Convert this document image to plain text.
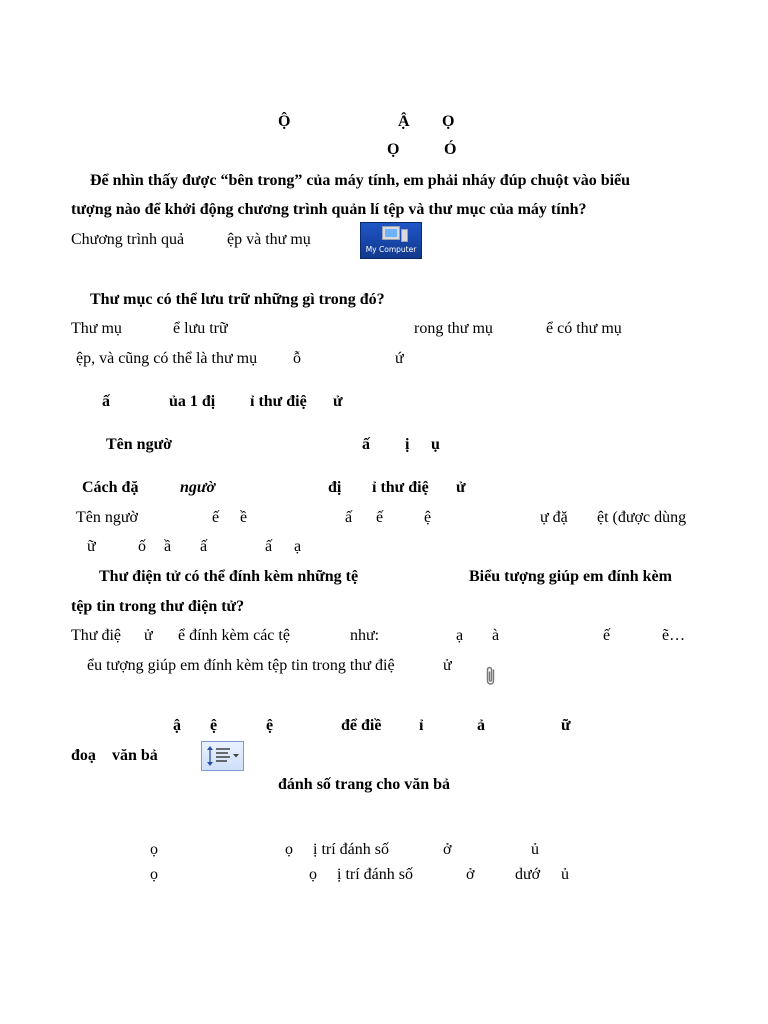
Ộ	Ậ Ọ
Ọ	Ó
Để nhìn thấy được “bên trong” của máy tính, em phải nháy đúp chuột vào biểu
tượng nào để khởi động chương trình quản lí tệp và thư mục của máy tính?
Chương trình quả	ệp và thư mụ
My Computer
Thư mục có thể lưu trữ những gì trong đó?
Thư mụ	ể lưu trữ	rong thư mụ	ể có thư mụ
ệp, và cũng có thể là thư mụ ỗ	ứ
ấ	ủa 1 đị ỉ thư điệ ử
Tên ngườ	ấ ị ụ
Cách đặ	ngườ	đị ỉ thư điệ ử
Tên ngườ	ế ề	ấ ế	ệ	ự đặ ệt (được dùng
ữ	ố ầ ấ	ấ ạ
Thư điện tử có thể đính kèm những tệ	Biểu tượng giúp em đính kèm
tệp tin trong thư điện tử?
Thư điệ ử ể đính kèm các tệ	như:	ạ à	ế	ẽ…
ểu tượng giúp em đính kèm tệp tin trong thư điệ	ử
ậ ệ	ệ	để điề ỉ	ả	ữ
đoạ văn bả
đánh số trang cho văn bả
ọ	ọ ị trí đánh số	ở	ủ
ọ	ọ ị trí đánh số	ở	dướ ủ
